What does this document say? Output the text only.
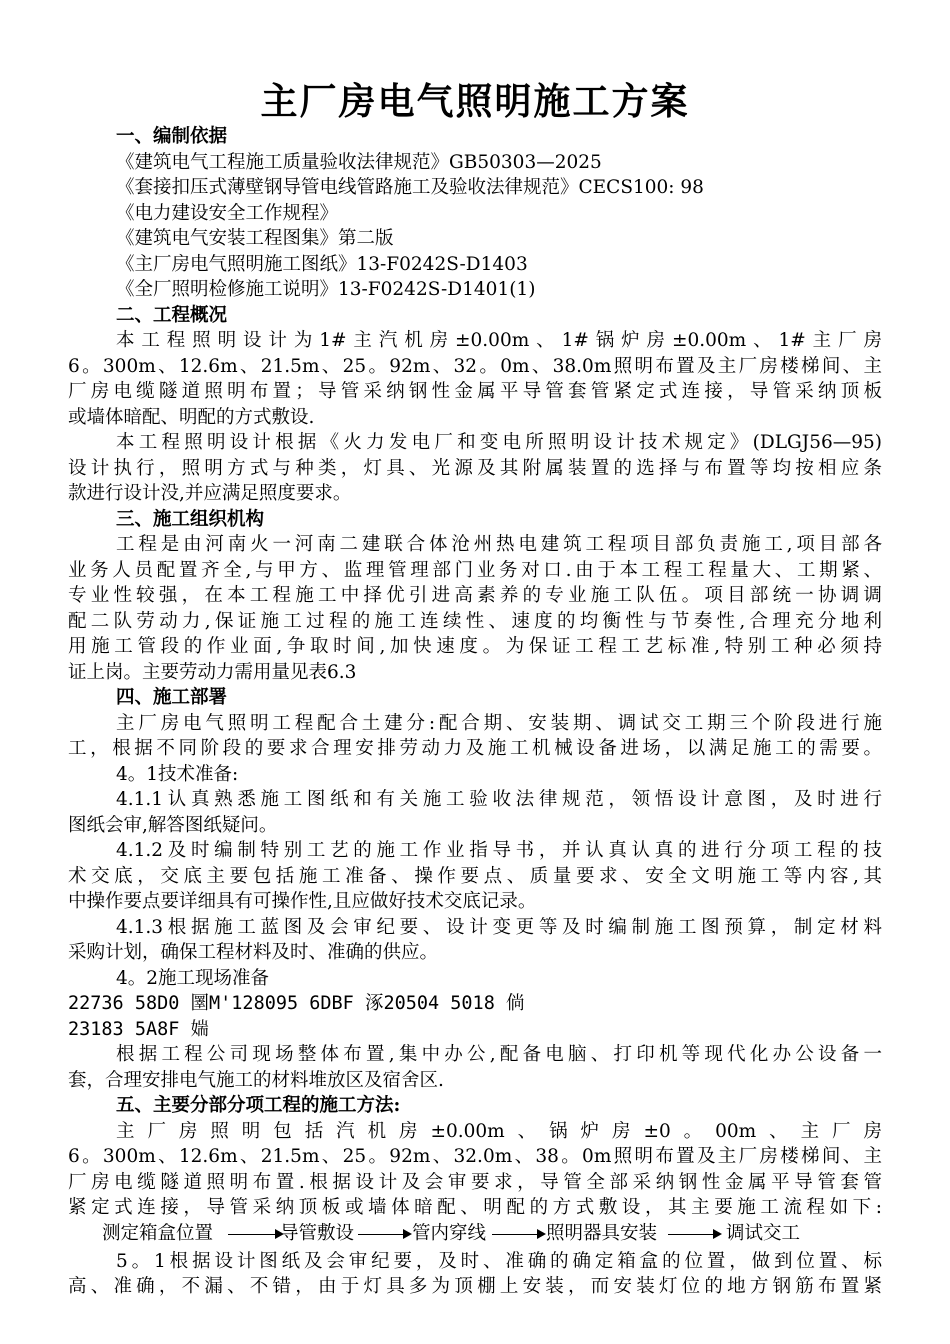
主厂房电气照明施工方案
一、编制依据
《建筑电气工程施工质量验收法律规范》GB50303—2025
《套接扣压式薄壁钢导管电线管路施工及验收法律规范》CECS100: 98
《电力建设安全工作规程》
《建筑电气安装工程图集》第二版
《主厂房电气照明施工图纸》13-F0242S-D1403
《全厂照明检修施工说明》13-F0242S-D1401(1)
二、工程概况
本工程照明设计为1#主汽机房±0.00m、1#锅炉房±0.00m、1#主厂房
6。300m、12.6m、21.5m、25。92m、32。0m、38.0m照明布置及主厂房楼梯间、主
厂房电缆隧道照明布置；导管采纳钢性金属平导管套管紧定式连接，导管采纳顶板
或墙体暗配、明配的方式敷设.
本工程照明设计根据《火力发电厂和变电所照明设计技术规定》(DLGJ56—95)
设计执行，照明方式与种类，灯具、光源及其附属装置的选择与布置等均按相应条
款进行设计没,并应满足照度要求。
三、施工组织机构
工程是由河南火一河南二建联合体沧州热电建筑工程项目部负责施工,项目部各
业务人员配置齐全,与甲方、监理管理部门业务对口.由于本工程工程量大、工期紧、
专业性较强，在本工程施工中择优引进高素养的专业施工队伍。项目部统一协调调
配二队劳动力,保证施工过程的施工连续性、速度的均衡性与节奏性,合理充分地利
用施工管段的作业面,争取时间,加快速度。为保证工程工艺标准,特别工种必须持
证上岗。主要劳动力需用量见表6.3
四、施工部署
主厂房电气照明工程配合土建分:配合期、安装期、调试交工期三个阶段进行施
工，根据不同阶段的要求合理安排劳动力及施工机械设备进场，以满足施工的需要。
4。1技术准备:
4.1.1认真熟悉施工图纸和有关施工验收法律规范，领悟设计意图，及时进行
图纸会审,解答图纸疑问。
4.1.2及时编制特别工艺的施工作业指导书，并认真认真的进行分项工程的技
术交底，交底主要包括施工准备、操作要点、质量要求、安全文明施工等内容,其
中操作要点要详细具有可操作性,且应做好技术交底记录。
4.1.3根据施工蓝图及会审纪要、设计变更等及时编制施工图预算，制定材料
采购计划，确保工程材料及时、准确的供应。
4。2施工现场准备
22736 58D0 圛M'128095 6DBF 涿20504 5018 倘
23183 5A8F 媏
根据工程公司现场整体布置,集中办公,配备电脑、打印机等现代化办公设备一
套，合理安排电气施工的材料堆放区及宿舍区.
五、主要分部分项工程的施工方法:
主厂房照明包括汽机房±0.00m、锅炉房±0。00m、主厂房
6。300m、12.6m、21.5m、25。92m、32.0m、38。0m照明布置及主厂房楼梯间、主
厂房电缆隧道照明布置.根据设计及会审要求，导管全部采纳钢性金属平导管套管
紧定式连接，导管采纳顶板或墙体暗配、明配的方式敷设，其主要施工流程如下:
测定箱盒位置	导管敷设	管内穿线	照明器具安装	调试交工
5。1根据设计图纸及会审纪要，及时、准确的确定箱盒的位置，做到位置、标
高、准确，不漏、不错，由于灯具多为顶棚上安装，而安装灯位的地方钢筋布置紧
